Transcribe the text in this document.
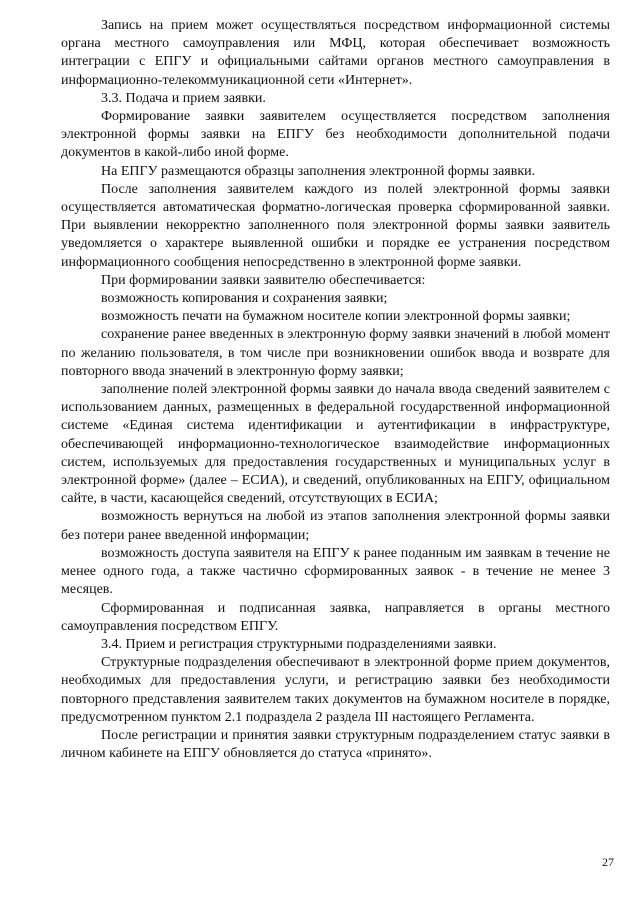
Запись на прием может осуществляться посредством информационной системы органа местного самоуправления или МФЦ, которая обеспечивает возможность интеграции с ЕПГУ и официальными сайтами органов местного самоуправления в информационно-телекоммуникационной сети «Интернет».

3.3. Подача и прием заявки.

Формирование заявки заявителем осуществляется посредством заполнения электронной формы заявки на ЕПГУ без необходимости дополнительной подачи документов в какой-либо иной форме.

На ЕПГУ размещаются образцы заполнения электронной формы заявки.

После заполнения заявителем каждого из полей электронной формы заявки осуществляется автоматическая форматно-логическая проверка сформированной заявки. При выявлении некорректно заполненного поля электронной формы заявки заявитель уведомляется о характере выявленной ошибки и порядке ее устранения посредством информационного сообщения непосредственно в электронной форме заявки.

При формировании заявки заявителю обеспечивается:

возможность копирования и сохранения заявки;

возможность печати на бумажном носителе копии электронной формы заявки;

сохранение ранее введенных в электронную форму заявки значений в любой момент по желанию пользователя, в том числе при возникновении ошибок ввода и возврате для повторного ввода значений в электронную форму заявки;

заполнение полей электронной формы заявки до начала ввода сведений заявителем с использованием данных, размещенных в федеральной государственной информационной системе «Единая система идентификации и аутентификации в инфраструктуре, обеспечивающей информационно-технологическое взаимодействие информационных систем, используемых для предоставления государственных и муниципальных услуг в электронной форме» (далее – ЕСИА), и сведений, опубликованных на ЕПГУ, официальном сайте, в части, касающейся сведений, отсутствующих в ЕСИА;

возможность вернуться на любой из этапов заполнения электронной формы заявки без потери ранее введенной информации;

возможность доступа заявителя на ЕПГУ к ранее поданным им заявкам в течение не менее одного года, а также частично сформированных заявок - в течение не менее 3 месяцев.

Сформированная и подписанная заявка, направляется в органы местного самоуправления посредством ЕПГУ.

3.4. Прием и регистрация структурными подразделениями заявки.

Структурные подразделения обеспечивают в электронной форме прием документов, необходимых для предоставления услуги, и регистрацию заявки без необходимости повторного представления заявителем таких документов на бумажном носителе в порядке, предусмотренном пунктом 2.1 подраздела 2 раздела III настоящего Регламента.

После регистрации и принятия заявки структурным подразделением статус заявки в личном кабинете на ЕПГУ обновляется до статуса «принято».

27
